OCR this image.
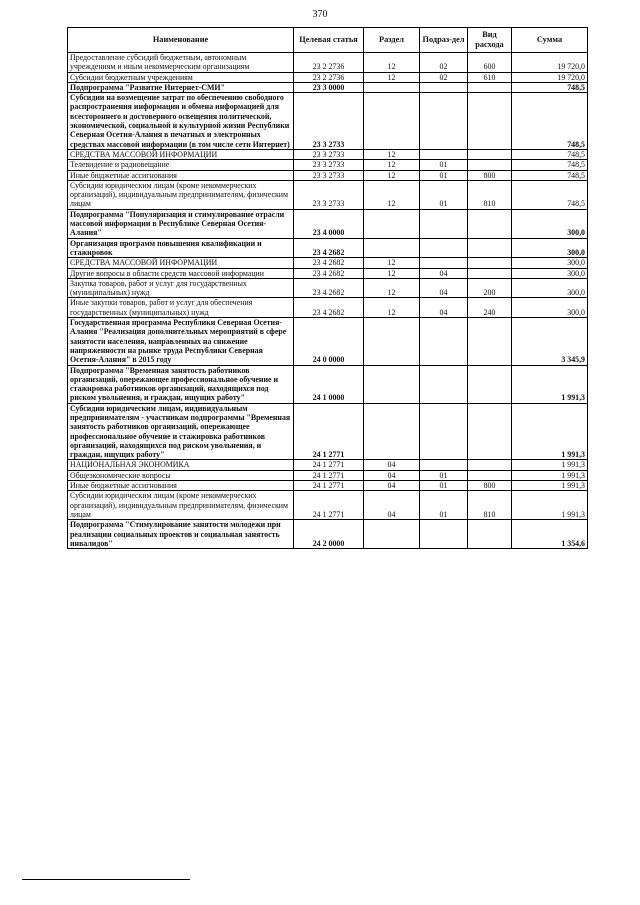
370
Наименование	Целевая статья	Раздел	Подраз-дел	Вид расхода	Сумма
Предоставление субсидий бюджетным, автономным учреждениям и иным некоммерческим организациям	23 2 2736	12	02	600	19 720,0
Субсидии бюджетным учреждениям	23 2 2736	12	02	610	19 720,0
Подпрограмма "Развитие Интернет-СМИ"	23 3 0000				748,5
Субсидии на возмещение затрат по обеспечению свободного распространения информации и обмена информацией для всестороннего и достоверного освещения политической, экономической, социальной и культурной жизни Республики Северная Осетия-Алания в печатных и электронных средствах массовой информации (в том числе сети Интернет)	23 3 2733				748,5
СРЕДСТВА МАССОВОЙ ИНФОРМАЦИИ	23 3 2733	12			748,5
Телевидение и радиовещание	23 3 2733	12	01		748,5
Иные бюджетные ассигнования	23 3 2733	12	01	800	748,5
Субсидии юридическим лицам (кроме некоммерческих организаций), индивидуальным предпринимателям, физическим лицам	23 3 2733	12	01	810	748,5
Подпрограмма "Популяризация и стимулирование отрасли массовой информации в Республике Северная Осетия-Алания"	23 4 0000				300,0
Организация программ повышения квалификации и стажировок	23 4 2682				300,0
СРЕДСТВА МАССОВОЙ ИНФОРМАЦИИ	23 4 2682	12			300,0
Другие вопросы в области средств массовой информации	23 4 2682	12	04		300,0
Закупка товаров, работ и услуг для государственных (муниципальных) нужд	23 4 2682	12	04	200	300,0
Иные закупки товаров, работ и услуг для обеспечения государственных (муниципальных) нужд	23 4 2682	12	04	240	300,0
Государственная программа Республики Северная Осетия-Алания "Реализация дополнительных мероприятий в сфере занятости населения, направленных на снижение напряженности на рынке труда Республики Северная Осетия-Алания" в 2015 году	24 0 0000				3 345,9
Подпрограмма "Временная занятость работников организаций, опережающее профессиональное обучение и стажировка работников организаций, находящихся под риском увольнения, и граждан, ищущих работу"	24 1 0000				1 991,3
Субсидии юридическим лицам, индивидуальным предпринимателям - участникам подпрограммы "Временная занятость работников организаций, опережающее профессиональное обучение и стажировка работников организаций, находящихся под риском увольнения, и граждан, ищущих работу"	24 1 2771				1 991,3
НАЦИОНАЛЬНАЯ ЭКОНОМИКА	24 1 2771	04			1 991,3
Общеэкономические вопросы	24 1 2771	04	01		1 991,3
Иные бюджетные ассигнования	24 1 2771	04	01	800	1 991,3
Субсидии юридическим лицам (кроме некоммерческих организаций), индивидуальным предпринимателям, физическим лицам	24 1 2771	04	01	810	1 991,3
Подпрограмма "Стимулирование занятости молодежи при реализации социальных проектов и социальная занятость инвалидов"	24 2 0000				1 354,6
